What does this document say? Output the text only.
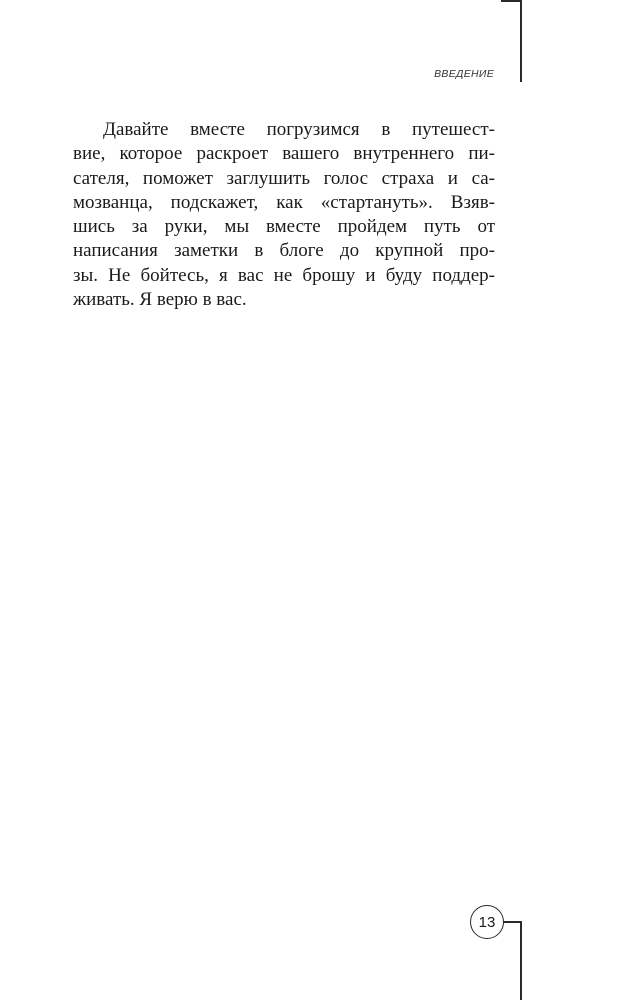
ВВЕДЕНИЕ
Давайте вместе погрузимся в путешест-
вие, которое раскроет вашего внутреннего пи-
сателя, поможет заглушить голос страха и са-
мозванца, подскажет, как «стартануть». Взяв-
шись за руки, мы вместе пройдем путь от
написания заметки в блоге до крупной про-
зы. Не бойтесь, я вас не брошу и буду поддер-
живать. Я верю в вас.
13
